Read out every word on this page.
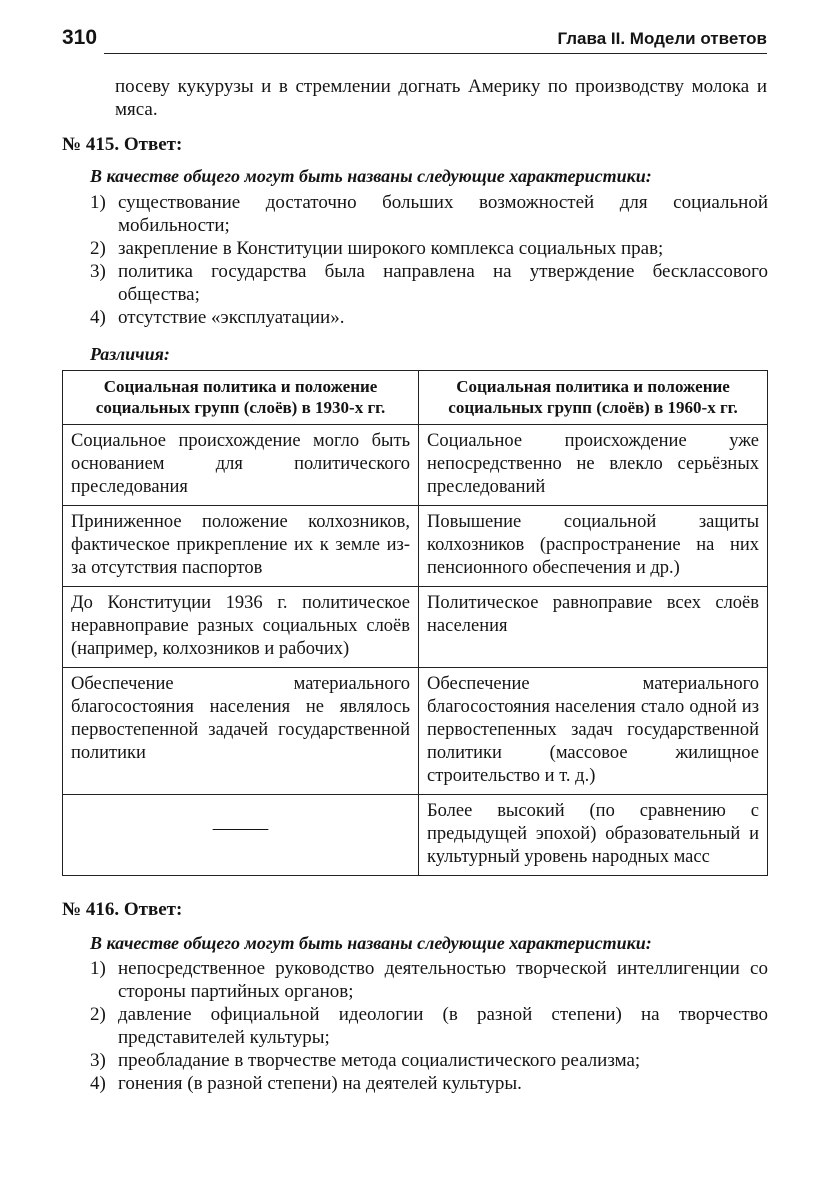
310	Глава II. Модели ответов
посеву кукурузы и в стремлении догнать Америку по производству молока и мяса.
№ 415. Ответ:
В качестве общего могут быть названы следующие характеристики:
1) существование достаточно больших возможностей для социальной мобильности;
2) закрепление в Конституции широкого комплекса социальных прав;
3) политика государства была направлена на утверждение бесклассового общества;
4) отсутствие «эксплуатации».
Различия:
Социальная политика и положение социальных групп (слоёв) в 1930-х гг.	Социальная политика и положение социальных групп (слоёв) в 1960-х гг.
Социальное происхождение могло быть основанием для политического преследования	Социальное происхождение уже непосредственно не влекло серьёзных преследований
Приниженное положение колхозников, фактическое прикрепление их к земле из-за отсутствия паспортов	Повышение социальной защиты колхозников (распространение на них пенсионного обеспечения и др.)
До Конституции 1936 г. политическое неравноправие разных социальных слоёв (например, колхозников и рабочих)	Политическое равноправие всех слоёв населения
Обеспечение материального благосостояния населения не являлось первостепенной задачей государственной политики	Обеспечение материального благосостояния населения стало одной из первостепенных задач государственной политики (массовое жилищное строительство и т. д.)

———	Более высокий (по сравнению с предыдущей эпохой) образовательный и культурный уровень народных масс
№ 416. Ответ:
В качестве общего могут быть названы следующие характеристики:
1) непосредственное руководство деятельностью творческой интеллигенции со стороны партийных органов;
2) давление официальной идеологии (в разной степени) на творчество представителей культуры;
3) преобладание в творчестве метода социалистического реализма;
4) гонения (в разной степени) на деятелей культуры.
